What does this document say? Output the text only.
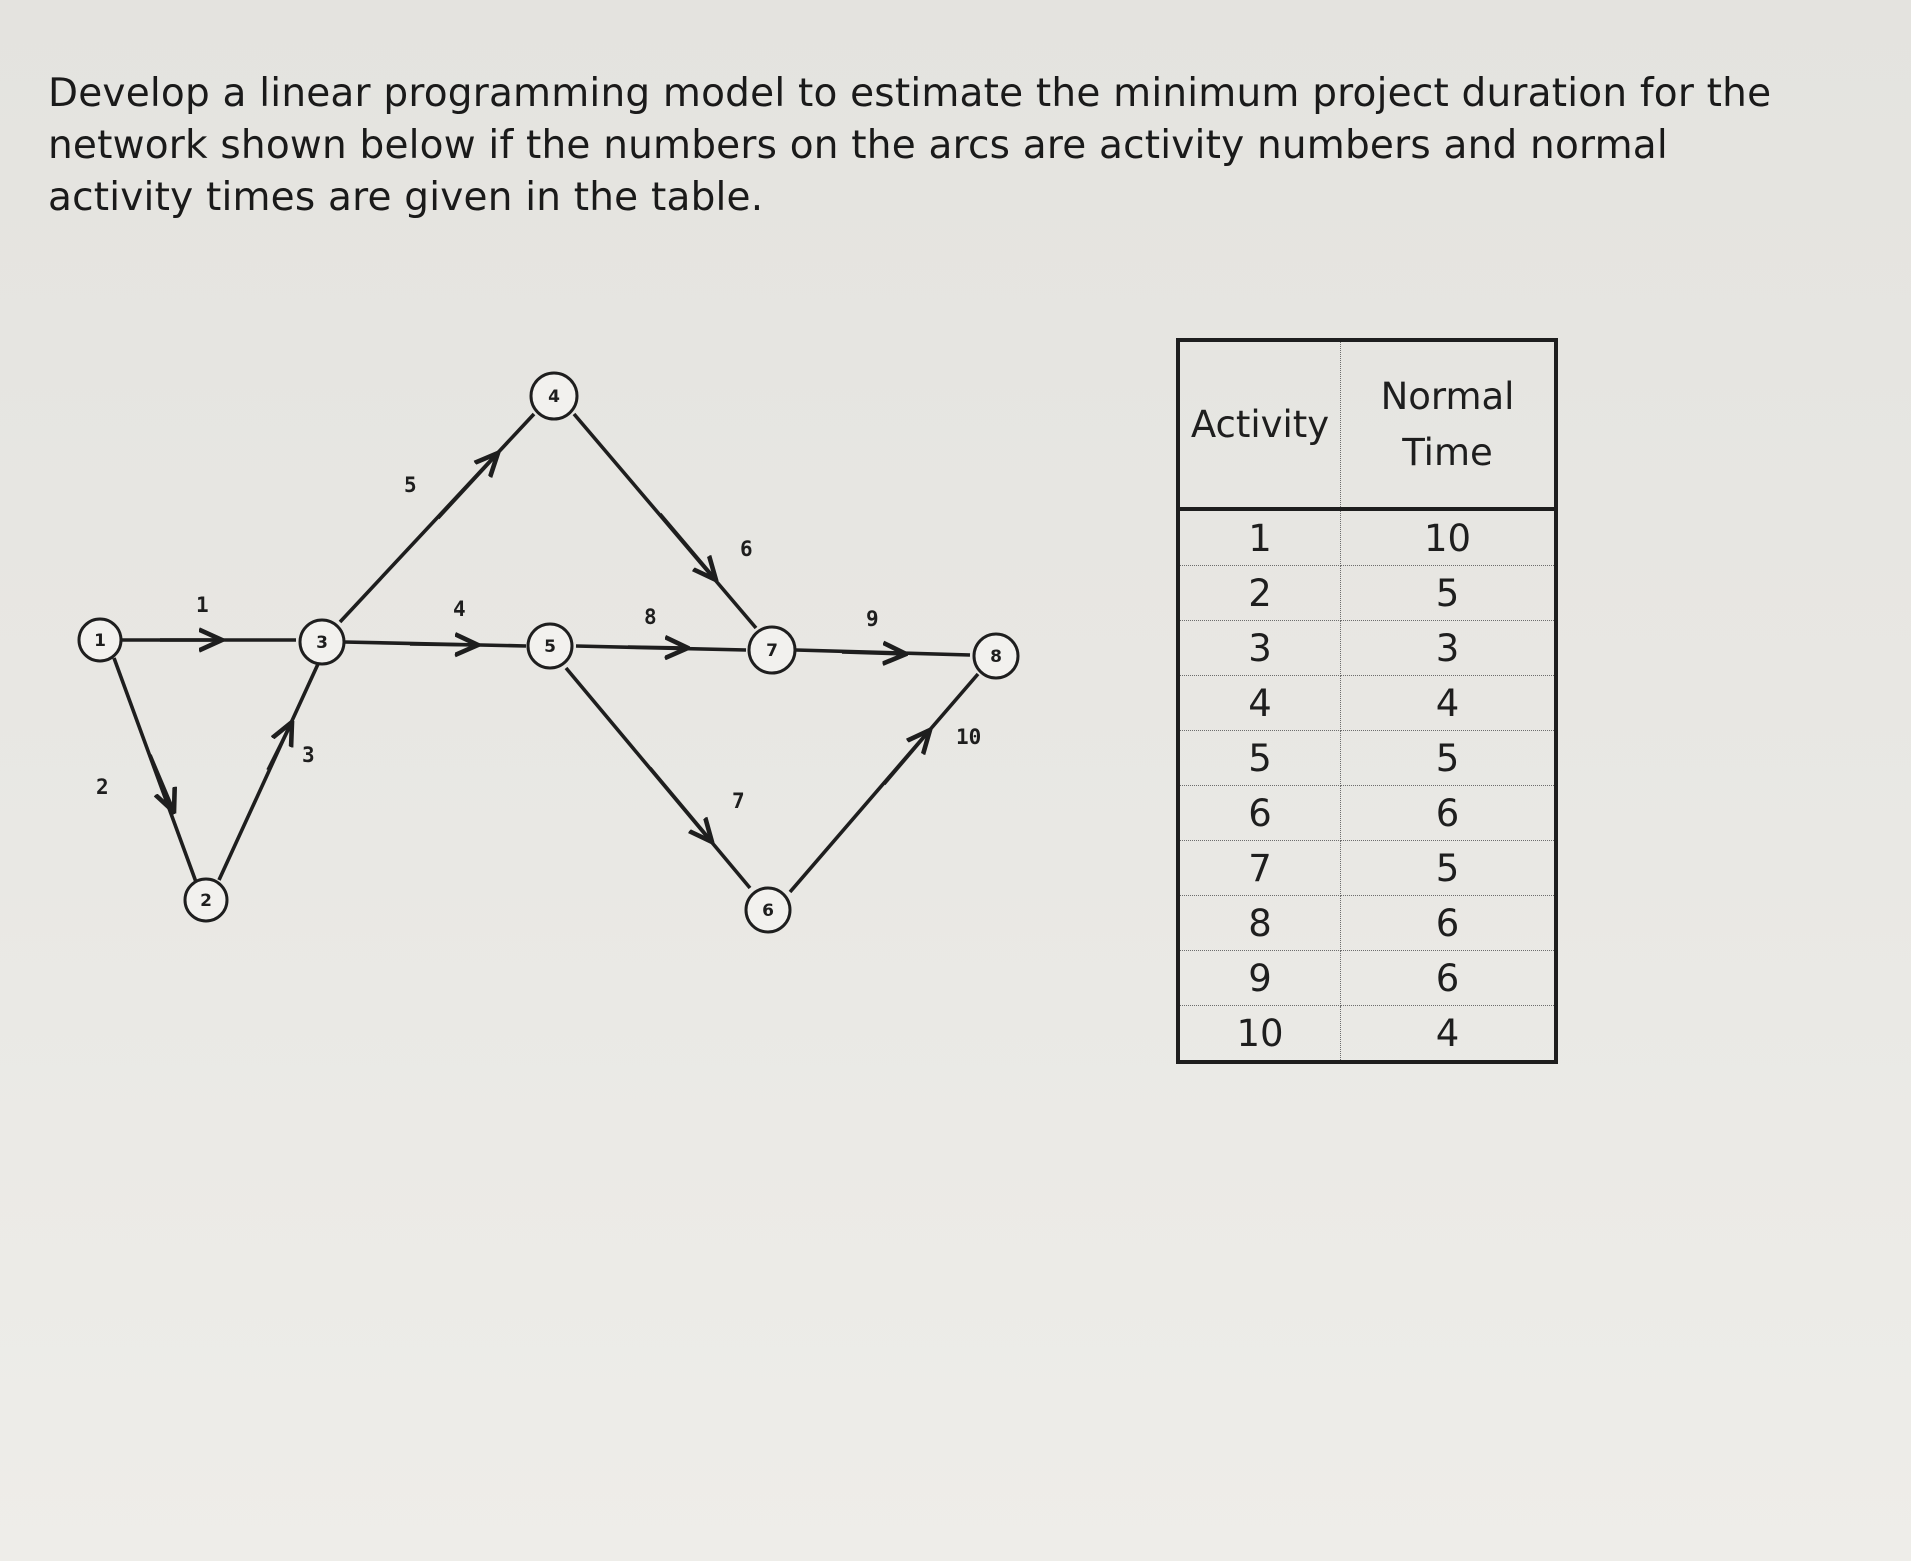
Develop a linear programming model to estimate the minimum project duration for the network shown below if the numbers on the arcs are activity numbers and normal activity times are given in the table.

1
2
3
4
5
6
7
8	9
10
1
2
3
4
5
6
7	8
Activity	Normal
Time

1	10
2	5
3	3
4	4
5	5
6	6
7	5
8	6
9	6
10	4
